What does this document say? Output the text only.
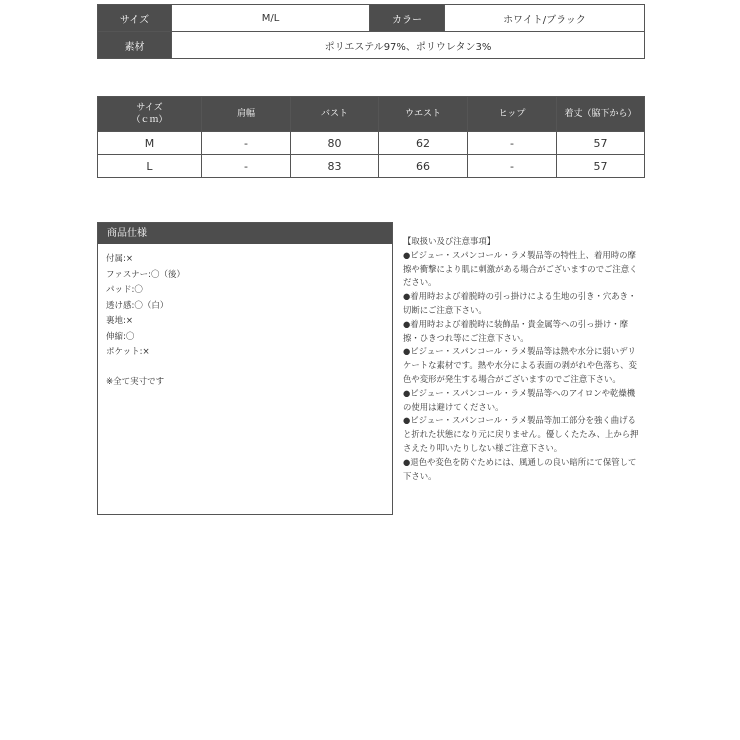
サイズ	M/L	カラー	ホワイト/ブラック
素材	ポリエステル97%、ポリウレタン3%		
サイズ
（ｃｍ）	肩幅	バスト	ウエスト	ヒップ	着丈（脇下から）
M	-	80	62	-	57
L	-	83	66	-	57
商品仕様
付属:×
ファスナー:〇（後）
パッド:〇
透け感:〇（白）
裏地:×
伸縮:〇
ポケット:×
※全て実寸です
【取扱い及び注意事項】
●ビジュー・スパンコール・ラメ製品等の特性上、着用時の摩擦や衝撃により肌に刺激がある場合がございますのでご注意ください。
●着用時および着脱時の引っ掛けによる生地の引き・穴あき・切断にご注意下さい。
●着用時および着脱時に装飾品・貴金属等への引っ掛け・摩擦・ひきつれ等にご注意下さい。
●ビジュー・スパンコール・ラメ製品等は熱や水分に弱いデリケートな素材です。熱や水分による表面の剥がれや色落ち、変色や変形が発生する場合がございますのでご注意下さい。
●ビジュー・スパンコール・ラメ製品等へのアイロンや乾燥機の使用は避けてください。
●ビジュー・スパンコール・ラメ製品等加工部分を強く曲げると折れた状態になり元に戻りません。優しくたたみ、上から押さえたり叩いたりしない様ご注意下さい。
●退色や変色を防ぐためには、風通しの良い暗所にて保管して下さい。
